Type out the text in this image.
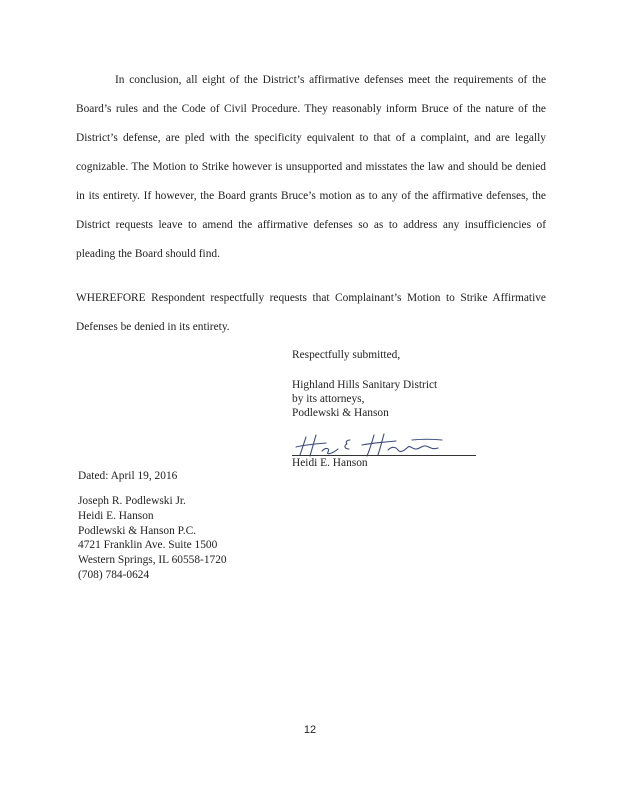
In conclusion, all eight of the District’s affirmative defenses meet the requirements of the Board’s rules and the Code of Civil Procedure. They reasonably inform Bruce of the nature of the District’s defense, are pled with the specificity equivalent to that of a complaint, and are legally cognizable. The Motion to Strike however is unsupported and misstates the law and should be denied in its entirety. If however, the Board grants Bruce’s motion as to any of the affirmative defenses, the District requests leave to amend the affirmative defenses so as to address any insufficiencies of pleading the Board should find.

WHEREFORE Respondent respectfully requests that Complainant’s Motion to Strike Affirmative Defenses be denied in its entirety.

Respectfully submitted,
Highland Hills Sanitary District
by its attorneys,
Podlewski & Hanson
Heidi E. Hanson
Dated: April 19, 2016
Joseph R. Podlewski Jr.
Heidi E. Hanson
Podlewski & Hanson P.C.
4721 Franklin Ave. Suite 1500
Western Springs, IL 60558-1720
(708) 784-0624
12
